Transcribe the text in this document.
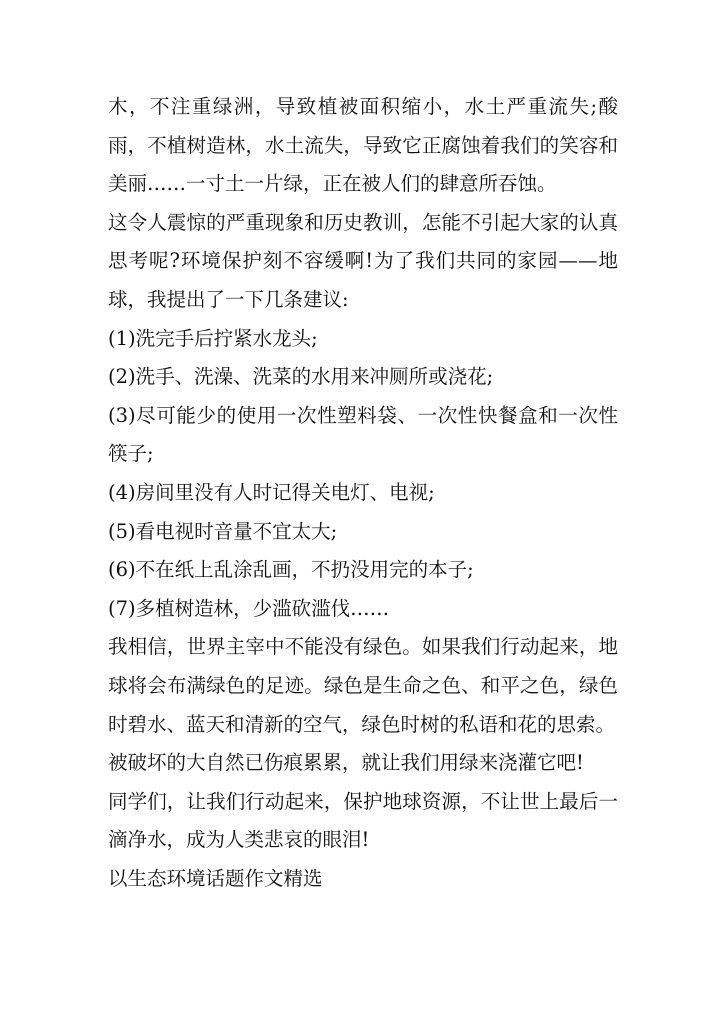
木，不注重绿洲，导致植被面积缩小，水土严重流失;酸雨，不植树造林，水土流失，导致它正腐蚀着我们的笑容和美丽……一寸土一片绿，正在被人们的肆意所吞蚀。

这令人震惊的严重现象和历史教训，怎能不引起大家的认真思考呢?环境保护刻不容缓啊!为了我们共同的家园——地球，我提出了一下几条建议:

(1)洗完手后拧紧水龙头;

(2)洗手、洗澡、洗菜的水用来冲厕所或浇花;

(3)尽可能少的使用一次性塑料袋、一次性快餐盒和一次性筷子;

(4)房间里没有人时记得关电灯、电视;

(5)看电视时音量不宜太大;

(6)不在纸上乱涂乱画，不扔没用完的本子;

(7)多植树造林，少滥砍滥伐……

我相信，世界主宰中不能没有绿色。如果我们行动起来，地球将会布满绿色的足迹。绿色是生命之色、和平之色，绿色时碧水、蓝天和清新的空气，绿色时树的私语和花的思索。

被破坏的大自然已伤痕累累，就让我们用绿来浇灌它吧!

同学们，让我们行动起来，保护地球资源，不让世上最后一滴净水，成为人类悲哀的眼泪!

以生态环境话题作文精选
